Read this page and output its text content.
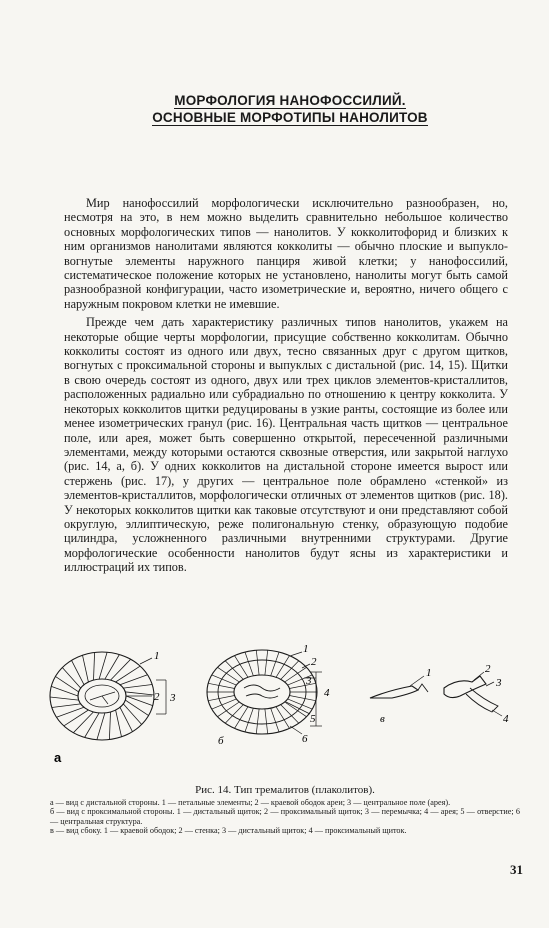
МОРФОЛОГИЯ НАНОФОССИЛИЙ.
ОСНОВНЫЕ МОРФОТИПЫ НАНОЛИТОВ

Мир нанофоссилий морфологически исключительно разнообразен, но, несмотря на это, в нем можно выделить сравнительно небольшое количество основных морфологических типов — нанолитов. У кокколитофорид и близких к ним организмов нанолитами являются кокколиты — обычно плоские и выпукло-вогнутые элементы наружного панциря живой клетки; у нанофоссилий, систематическое положение которых не установлено, нанолиты могут быть самой разнообразной конфигурации, часто изометрические и, вероятно, ничего общего с наружным покровом клетки не имевшие.

Прежде чем дать характеристику различных типов нанолитов, укажем на некоторые общие черты морфологии, присущие собственно кокколитам. Обычно кокколиты состоят из одного или двух, тесно связанных друг с другом щитков, вогнутых с проксимальной стороны и выпуклых с дистальной (рис. 14, 15). Щитки в свою очередь состоят из одного, двух или трех циклов элементов-кристаллитов, расположенных радиально или субрадиально по отношению к центру кокколита. У некоторых кокколитов щитки редуцированы в узкие ранты, состоящие из более или менее изометрических гранул (рис. 16). Центральная часть щитков — центральное поле, или арея, может быть совершенно открытой, пересеченной различными элементами, между которыми остаются сквозные отверстия, или закрытой наглухо (рис. 14, а, б). У одних кокколитов на дистальной стороне имеется вырост или стержень (рис. 17), у других — центральное поле обрамлено «стенкой» из элементов-кристаллитов, морфологически отличных от элементов щитков (рис. 18). У некоторых кокколитов щитки как таковые отсутствуют и они представляют собой округлую, эллиптическую, реже полигональную стенку, образующую подобие цилиндра, усложненного различными внутренними структурами. Другие морфологические особенности нанолитов будут ясны из характеристики и иллюстраций их типов.

1
2 3
а
1
2
3
4
5
6
б
1	2
3
4
в
Рис. 14. Тип тремалитов (плаколитов).
а — вид с дистальной стороны. 1 — петальные элементы; 2 — краевой ободок ареи; 3 — центральное поле (арея).
б — вид с проксимальной стороны. 1 — дистальный щиток; 2 — проксимальный щиток; 3 — перемычка; 4 — арея; 5 — отверстие; 6 — центральная структура.
в — вид сбоку. 1 — краевой ободок; 2 — стенка; 3 — дистальный щиток; 4 — проксимальный щиток.
31
